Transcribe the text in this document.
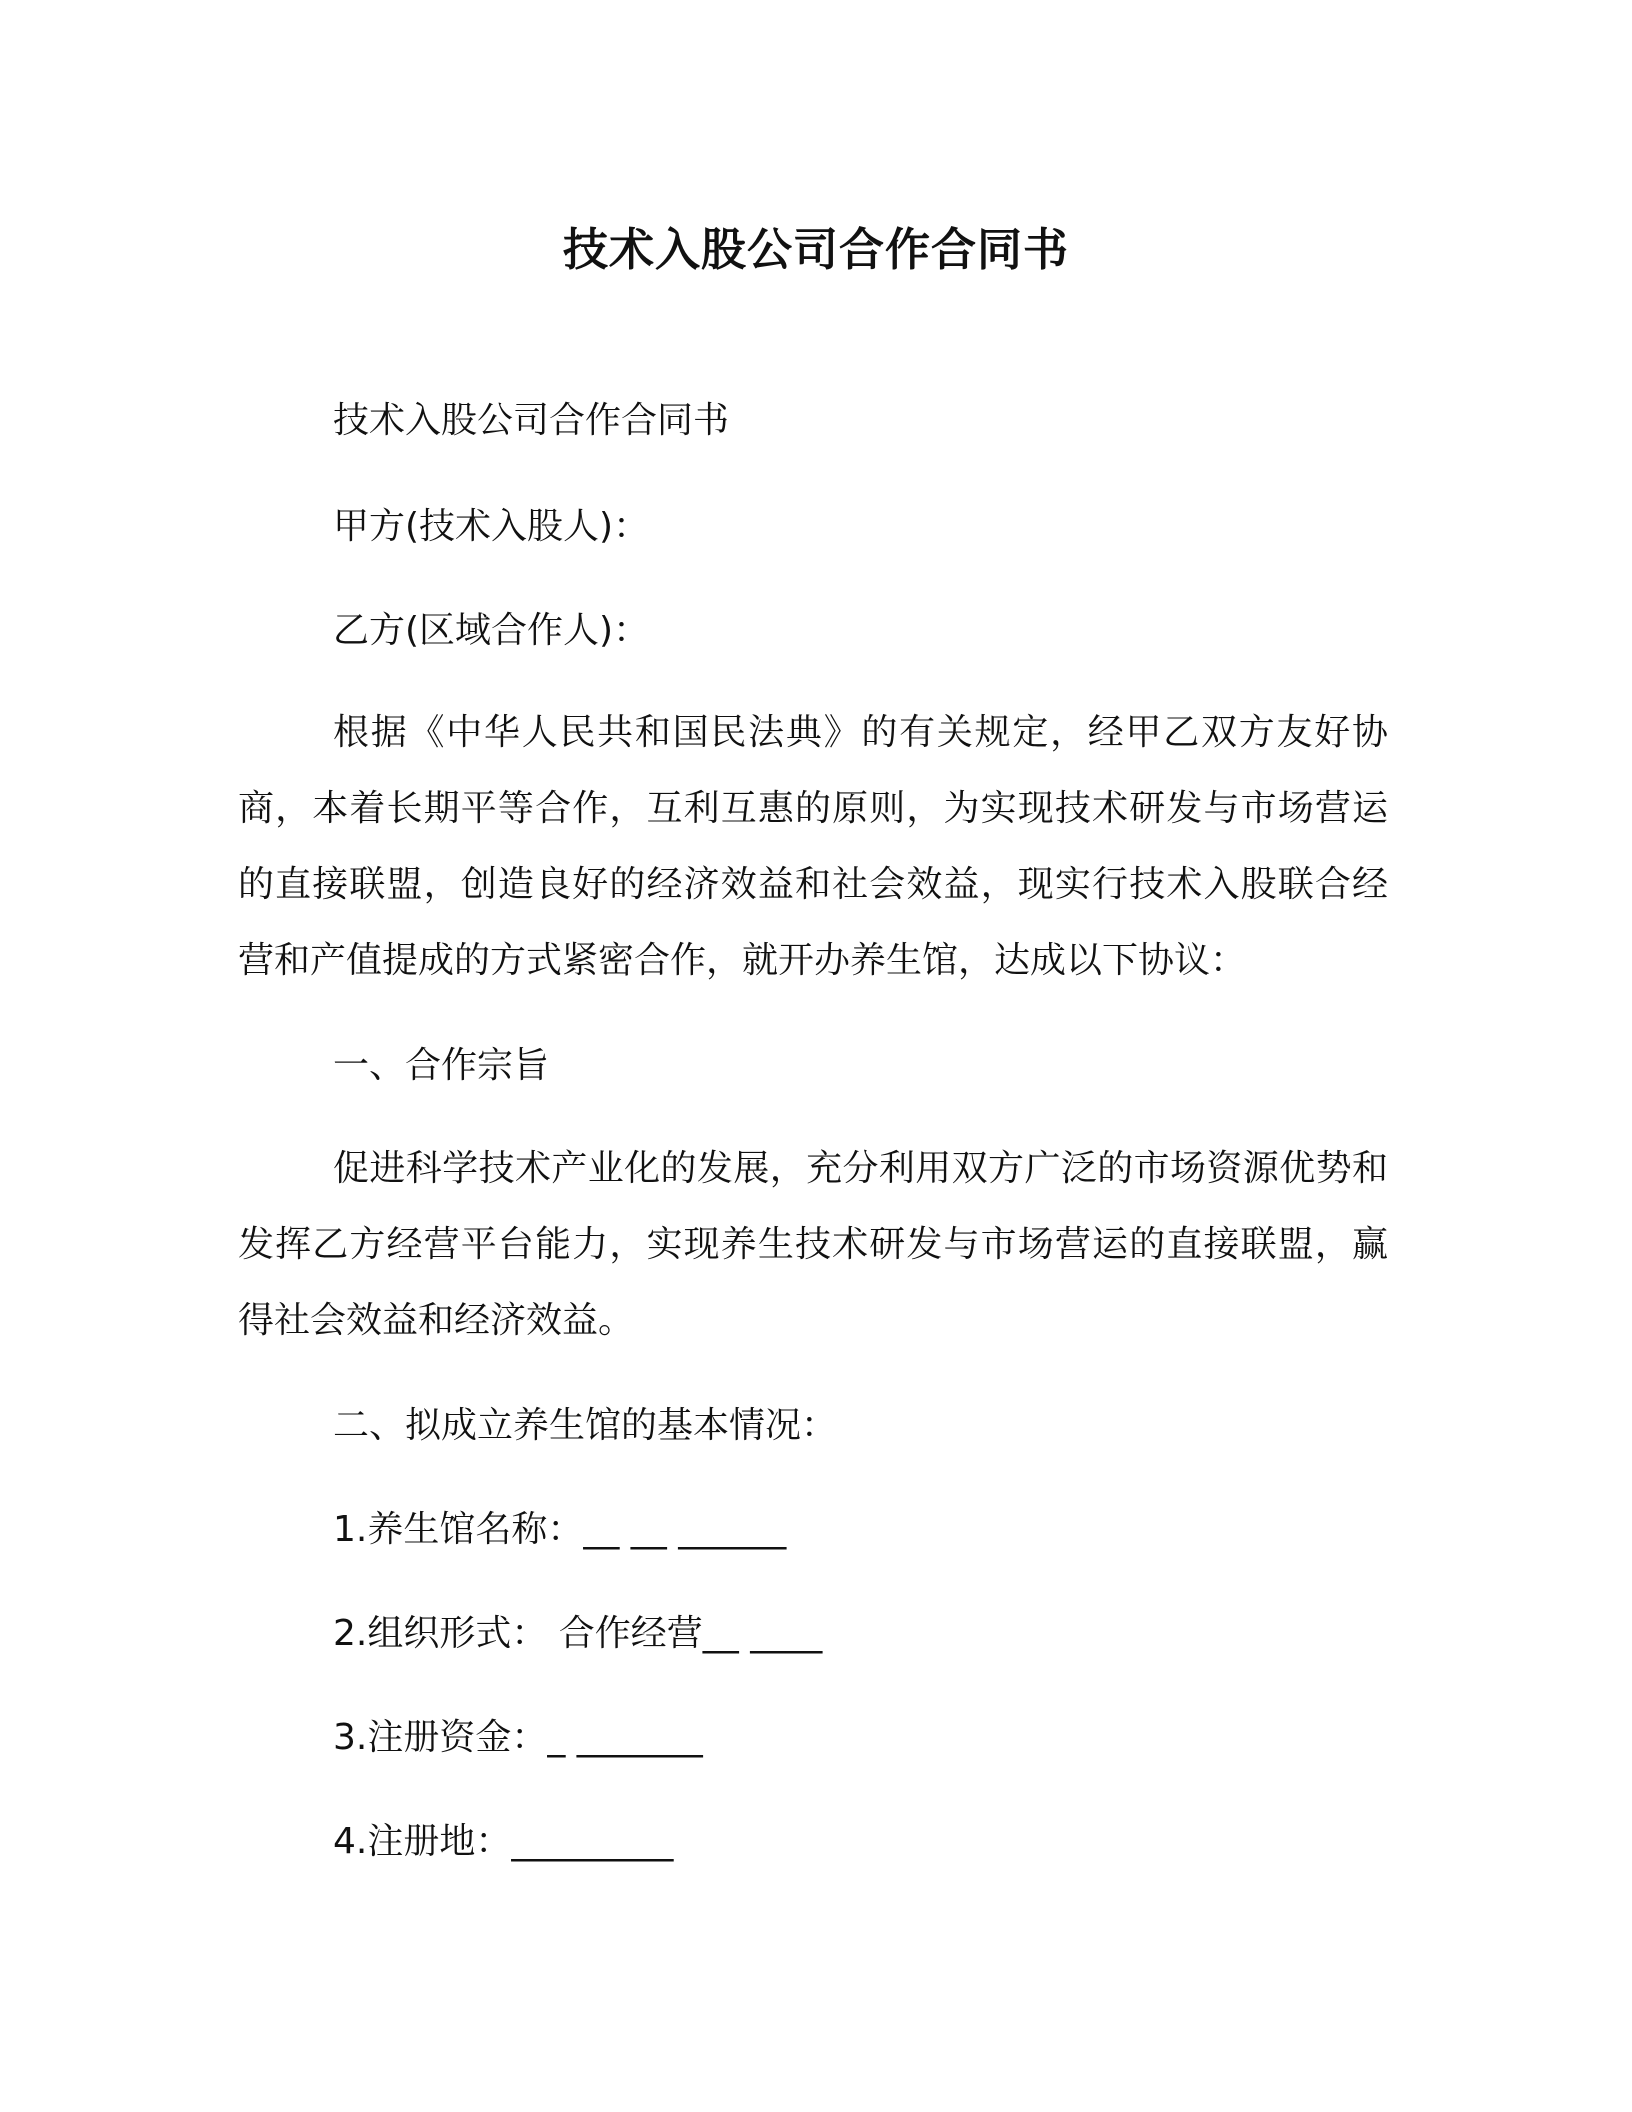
技术入股公司合作合同书
技术入股公司合作合同书
甲方(技术入股人)：
乙方(区域合作人)：
根据《中华人民共和国民法典》的有关规定，经甲乙双方友好协商，本着长期平等合作，互利互惠的原则，为实现技术研发与市场营运的直接联盟，创造良好的经济效益和社会效益，现实行技术入股联合经营和产值提成的方式紧密合作，就开办养生馆，达成以下协议：
一、合作宗旨
促进科学技术产业化的发展，充分利用双方广泛的市场资源优势和发挥乙方经营平台能力，实现养生技术研发与市场营运的直接联盟，赢得社会效益和经济效益。
二、拟成立养生馆的基本情况：
1.养生馆名称：__ __ ______
2.组织形式： 合作经营__ ____
3.注册资金：_ _______
4.注册地：_________
